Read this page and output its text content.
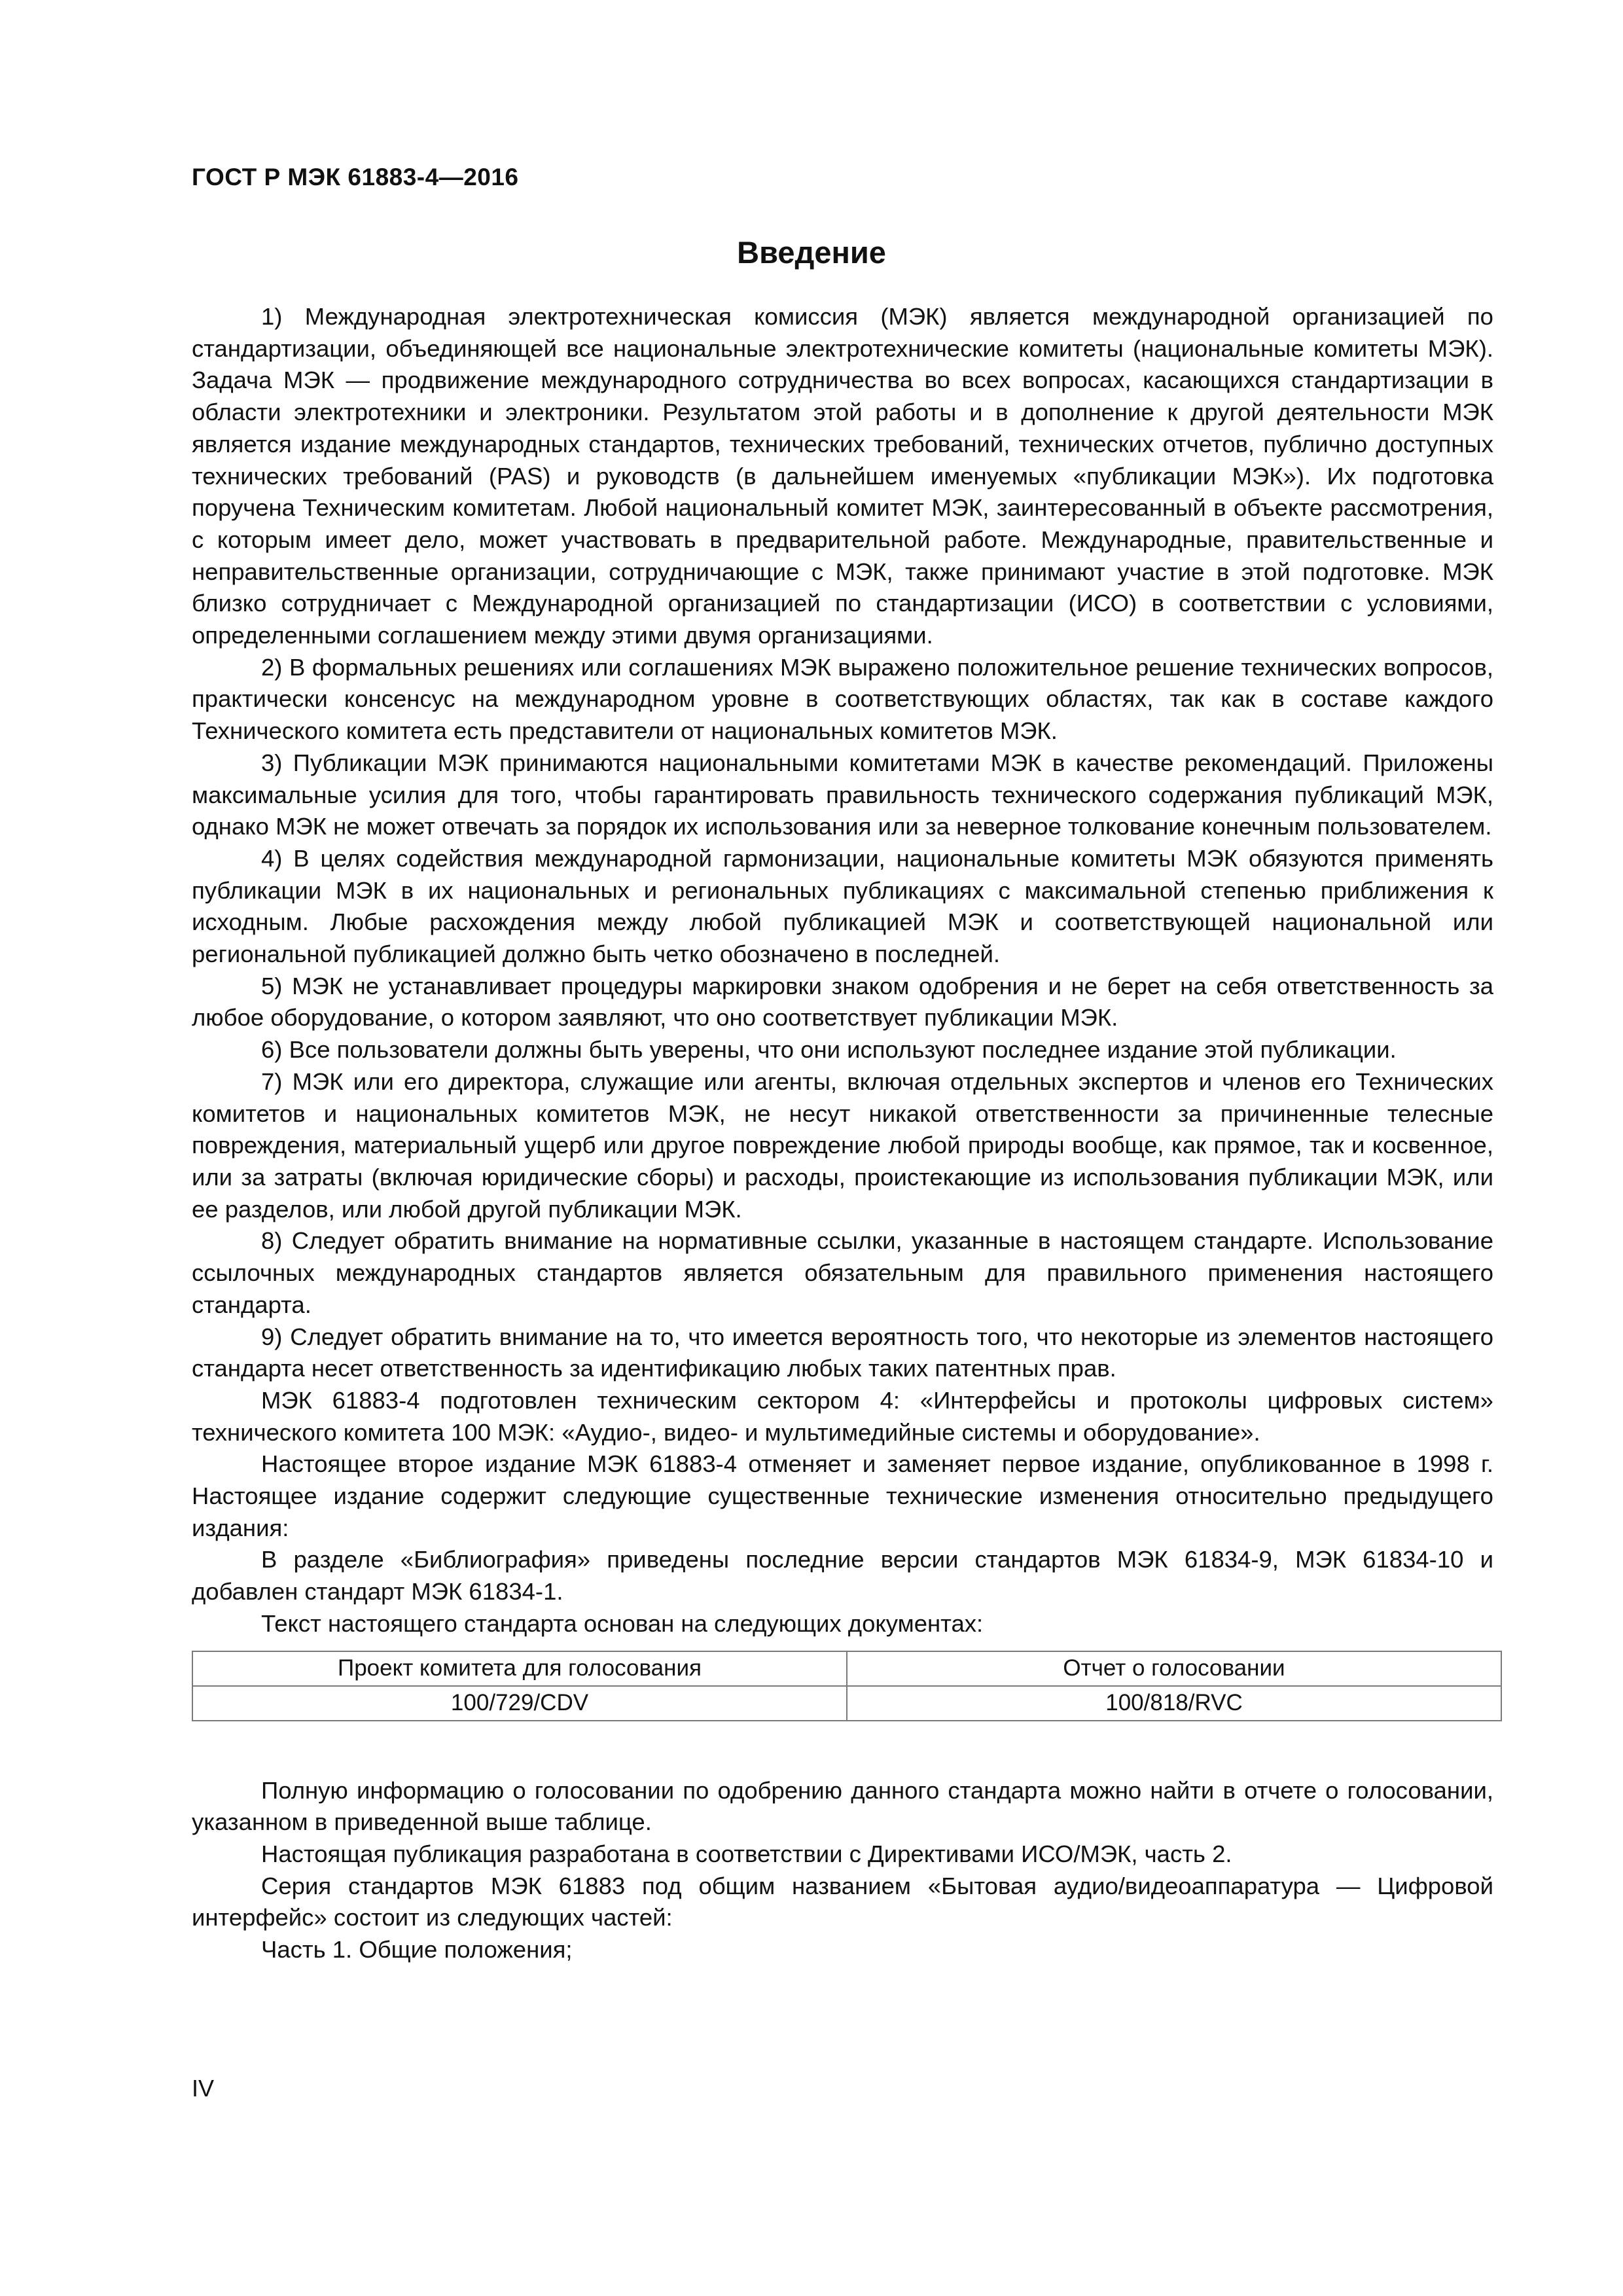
ГОСТ Р МЭК 61883-4—2016
Введение

1) Международная электротехническая комиссия (МЭК) является международной организацией по стандартизации, объединяющей все национальные электротехнические комитеты (национальные комитеты МЭК). Задача МЭК — продвижение международного сотрудничества во всех вопросах, касающихся стандартизации в области электротехники и электроники. Результатом этой работы и в дополнение к другой деятельности МЭК является издание международных стандартов, технических требований, технических отчетов, публично доступных технических требований (PAS) и руководств (в дальнейшем именуемых «публикации МЭК»). Их подготовка поручена Техническим комитетам. Любой национальный комитет МЭК, заинтересованный в объекте рассмотрения, с которым имеет дело, может участвовать в предварительной работе. Международные, правительственные и неправительственные организации, сотрудничающие с МЭК, также принимают участие в этой подготовке. МЭК близко сотрудничает с Международной организацией по стандартизации (ИСО) в соответствии с условиями, определенными соглашением между этими двумя организациями.

2) В формальных решениях или соглашениях МЭК выражено положительное решение технических вопросов, практически консенсус на международном уровне в соответствующих областях, так как в составе каждого Технического комитета есть представители от национальных комитетов МЭК.

3) Публикации МЭК принимаются национальными комитетами МЭК в качестве рекомендаций. Приложены максимальные усилия для того, чтобы гарантировать правильность технического содержания публикаций МЭК, однако МЭК не может отвечать за порядок их использования или за неверное толкование конечным пользователем.

4) В целях содействия международной гармонизации, национальные комитеты МЭК обязуются применять публикации МЭК в их национальных и региональных публикациях с максимальной степенью приближения к исходным. Любые расхождения между любой публикацией МЭК и соответствующей национальной или региональной публикацией должно быть четко обозначено в последней.

5) МЭК не устанавливает процедуры маркировки знаком одобрения и не берет на себя ответственность за любое оборудование, о котором заявляют, что оно соответствует публикации МЭК.

6) Все пользователи должны быть уверены, что они используют последнее издание этой публикации.

7) МЭК или его директора, служащие или агенты, включая отдельных экспертов и членов его Технических комитетов и национальных комитетов МЭК, не несут никакой ответственности за причиненные телесные повреждения, материальный ущерб или другое повреждение любой природы вообще, как прямое, так и косвенное, или за затраты (включая юридические сборы) и расходы, проистекающие из использования публикации МЭК, или ее разделов, или любой другой публикации МЭК.

8) Следует обратить внимание на нормативные ссылки, указанные в настоящем стандарте. Использование ссылочных международных стандартов является обязательным для правильного применения настоящего стандарта.

9) Следует обратить внимание на то, что имеется вероятность того, что некоторые из элементов настоящего стандарта несет ответственность за идентификацию любых таких патентных прав.

МЭК 61883-4 подготовлен техническим сектором 4: «Интерфейсы и протоколы цифровых систем» технического комитета 100 МЭК: «Аудио-, видео- и мультимедийные системы и оборудование».

Настоящее второе издание МЭК 61883-4 отменяет и заменяет первое издание, опубликованное в 1998 г. Настоящее издание содержит следующие существенные технические изменения относительно предыдущего издания:

В разделе «Библиография» приведены последние версии стандартов МЭК 61834-9, МЭК 61834-10 и добавлен стандарт МЭК 61834-1.

Текст настоящего стандарта основан на следующих документах:

Проект комитета для голосования	Отчет о голосовании
100/729/CDV	100/818/RVC

Полную информацию о голосовании по одобрению данного стандарта можно найти в отчете о голосовании, указанном в приведенной выше таблице.

Настоящая публикация разработана в соответствии с Директивами ИСО/МЭК, часть 2.

Серия стандартов МЭК 61883 под общим названием «Бытовая аудио/видеоаппаратура — Цифровой интерфейс» состоит из следующих частей:

Часть 1. Общие положения;

IV
